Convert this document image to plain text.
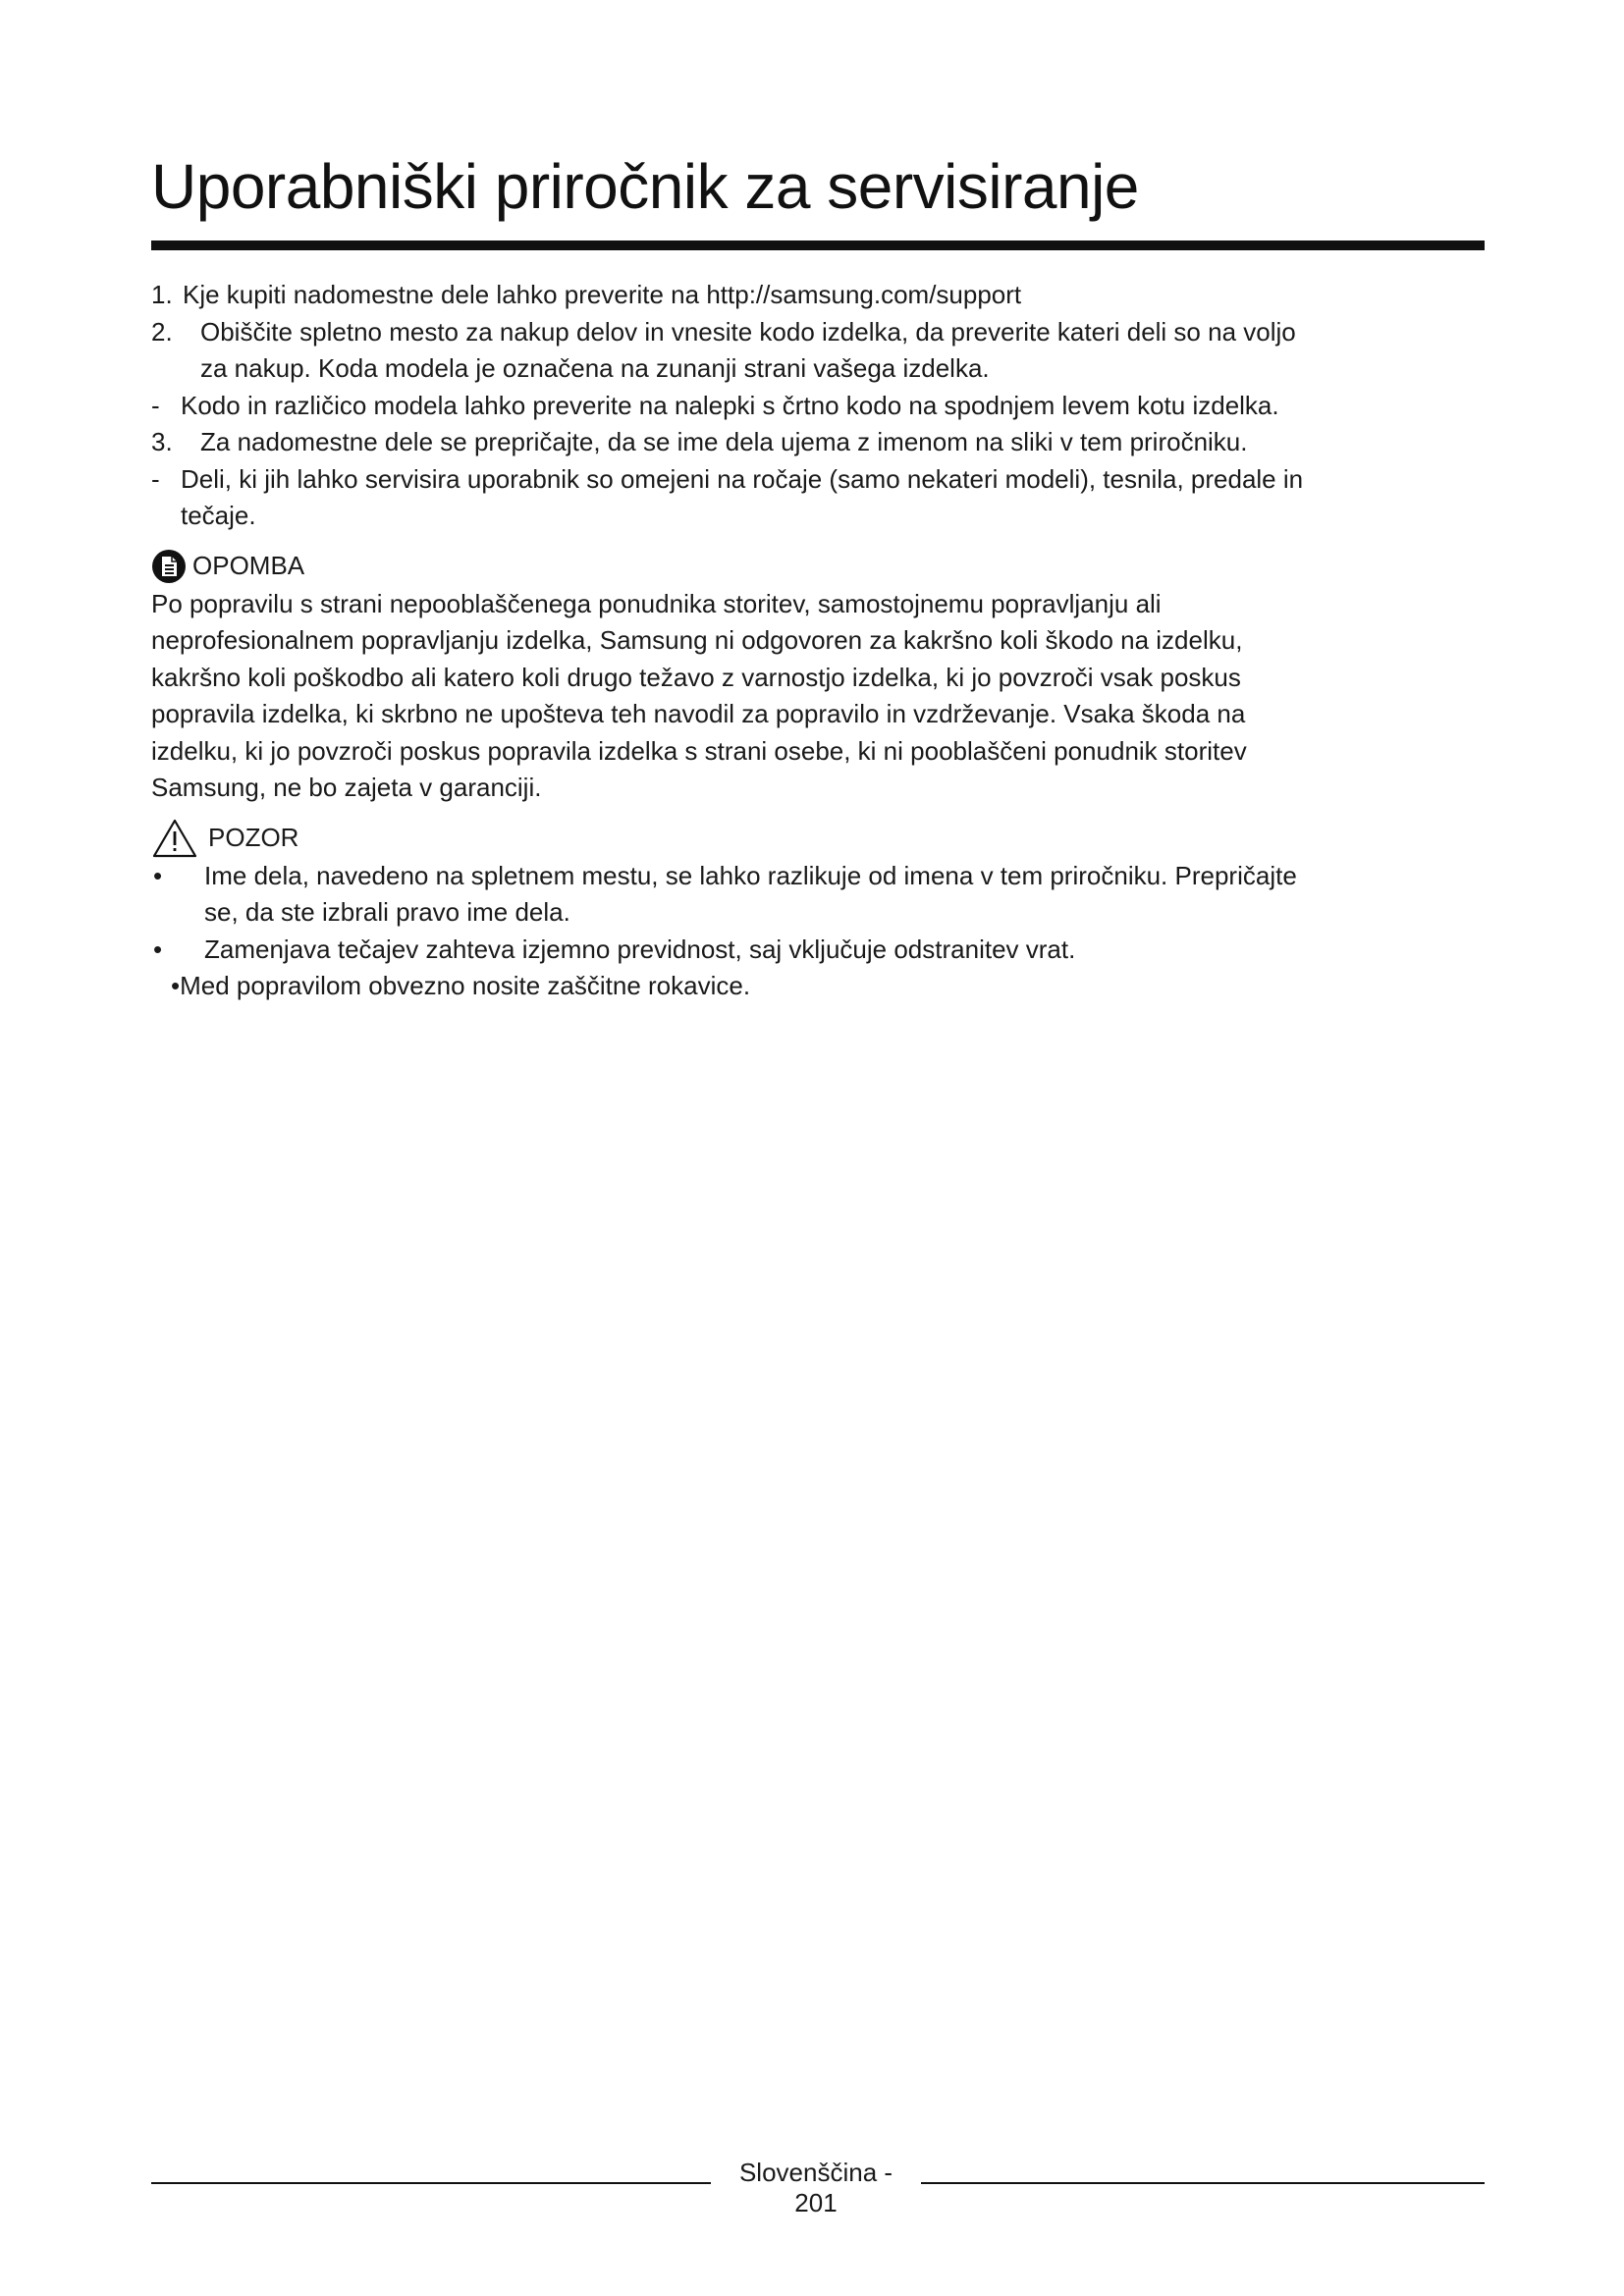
Uporabniški priročnik za servisiranje

1. Kje kupiti nadomestne dele lahko preverite na http://samsung.com/support

2. Obiščite spletno mesto za nakup delov in vnesite kodo izdelka, da preverite kateri deli so na voljo za nakup. Koda modela je označena na zunanji strani vašega izdelka.

- Kodo in različico modela lahko preverite na nalepki s črtno kodo na spodnjem levem kotu izdelka.

3. Za nadomestne dele se prepričajte, da se ime dela ujema z imenom na sliki v tem priročniku.

- Deli, ki jih lahko servisira uporabnik so omejeni na ročaje (samo nekateri modeli), tesnila, predale in tečaje.

OPOMBA

Po popravilu s strani nepooblaščenega ponudnika storitev, samostojnemu popravljanju ali neprofesionalnem popravljanju izdelka, Samsung ni odgovoren za kakršno koli škodo na izdelku, kakršno koli poškodbo ali katero koli drugo težavo z varnostjo izdelka, ki jo povzroči vsak poskus popravila izdelka, ki skrbno ne upošteva teh navodil za popravilo in vzdrževanje. Vsaka škoda na izdelku, ki jo povzroči poskus popravila izdelka s strani osebe, ki ni pooblaščeni ponudnik storitev Samsung, ne bo zajeta v garanciji.

POZOR

• Ime dela, navedeno na spletnem mestu, se lahko razlikuje od imena v tem priročniku. Prepričajte se, da ste izbrali pravo ime dela.

• Zamenjava tečajev zahteva izjemno previdnost, saj vključuje odstranitev vrat.

•Med popravilom obvezno nosite zaščitne rokavice.

Slovenščina - 201
